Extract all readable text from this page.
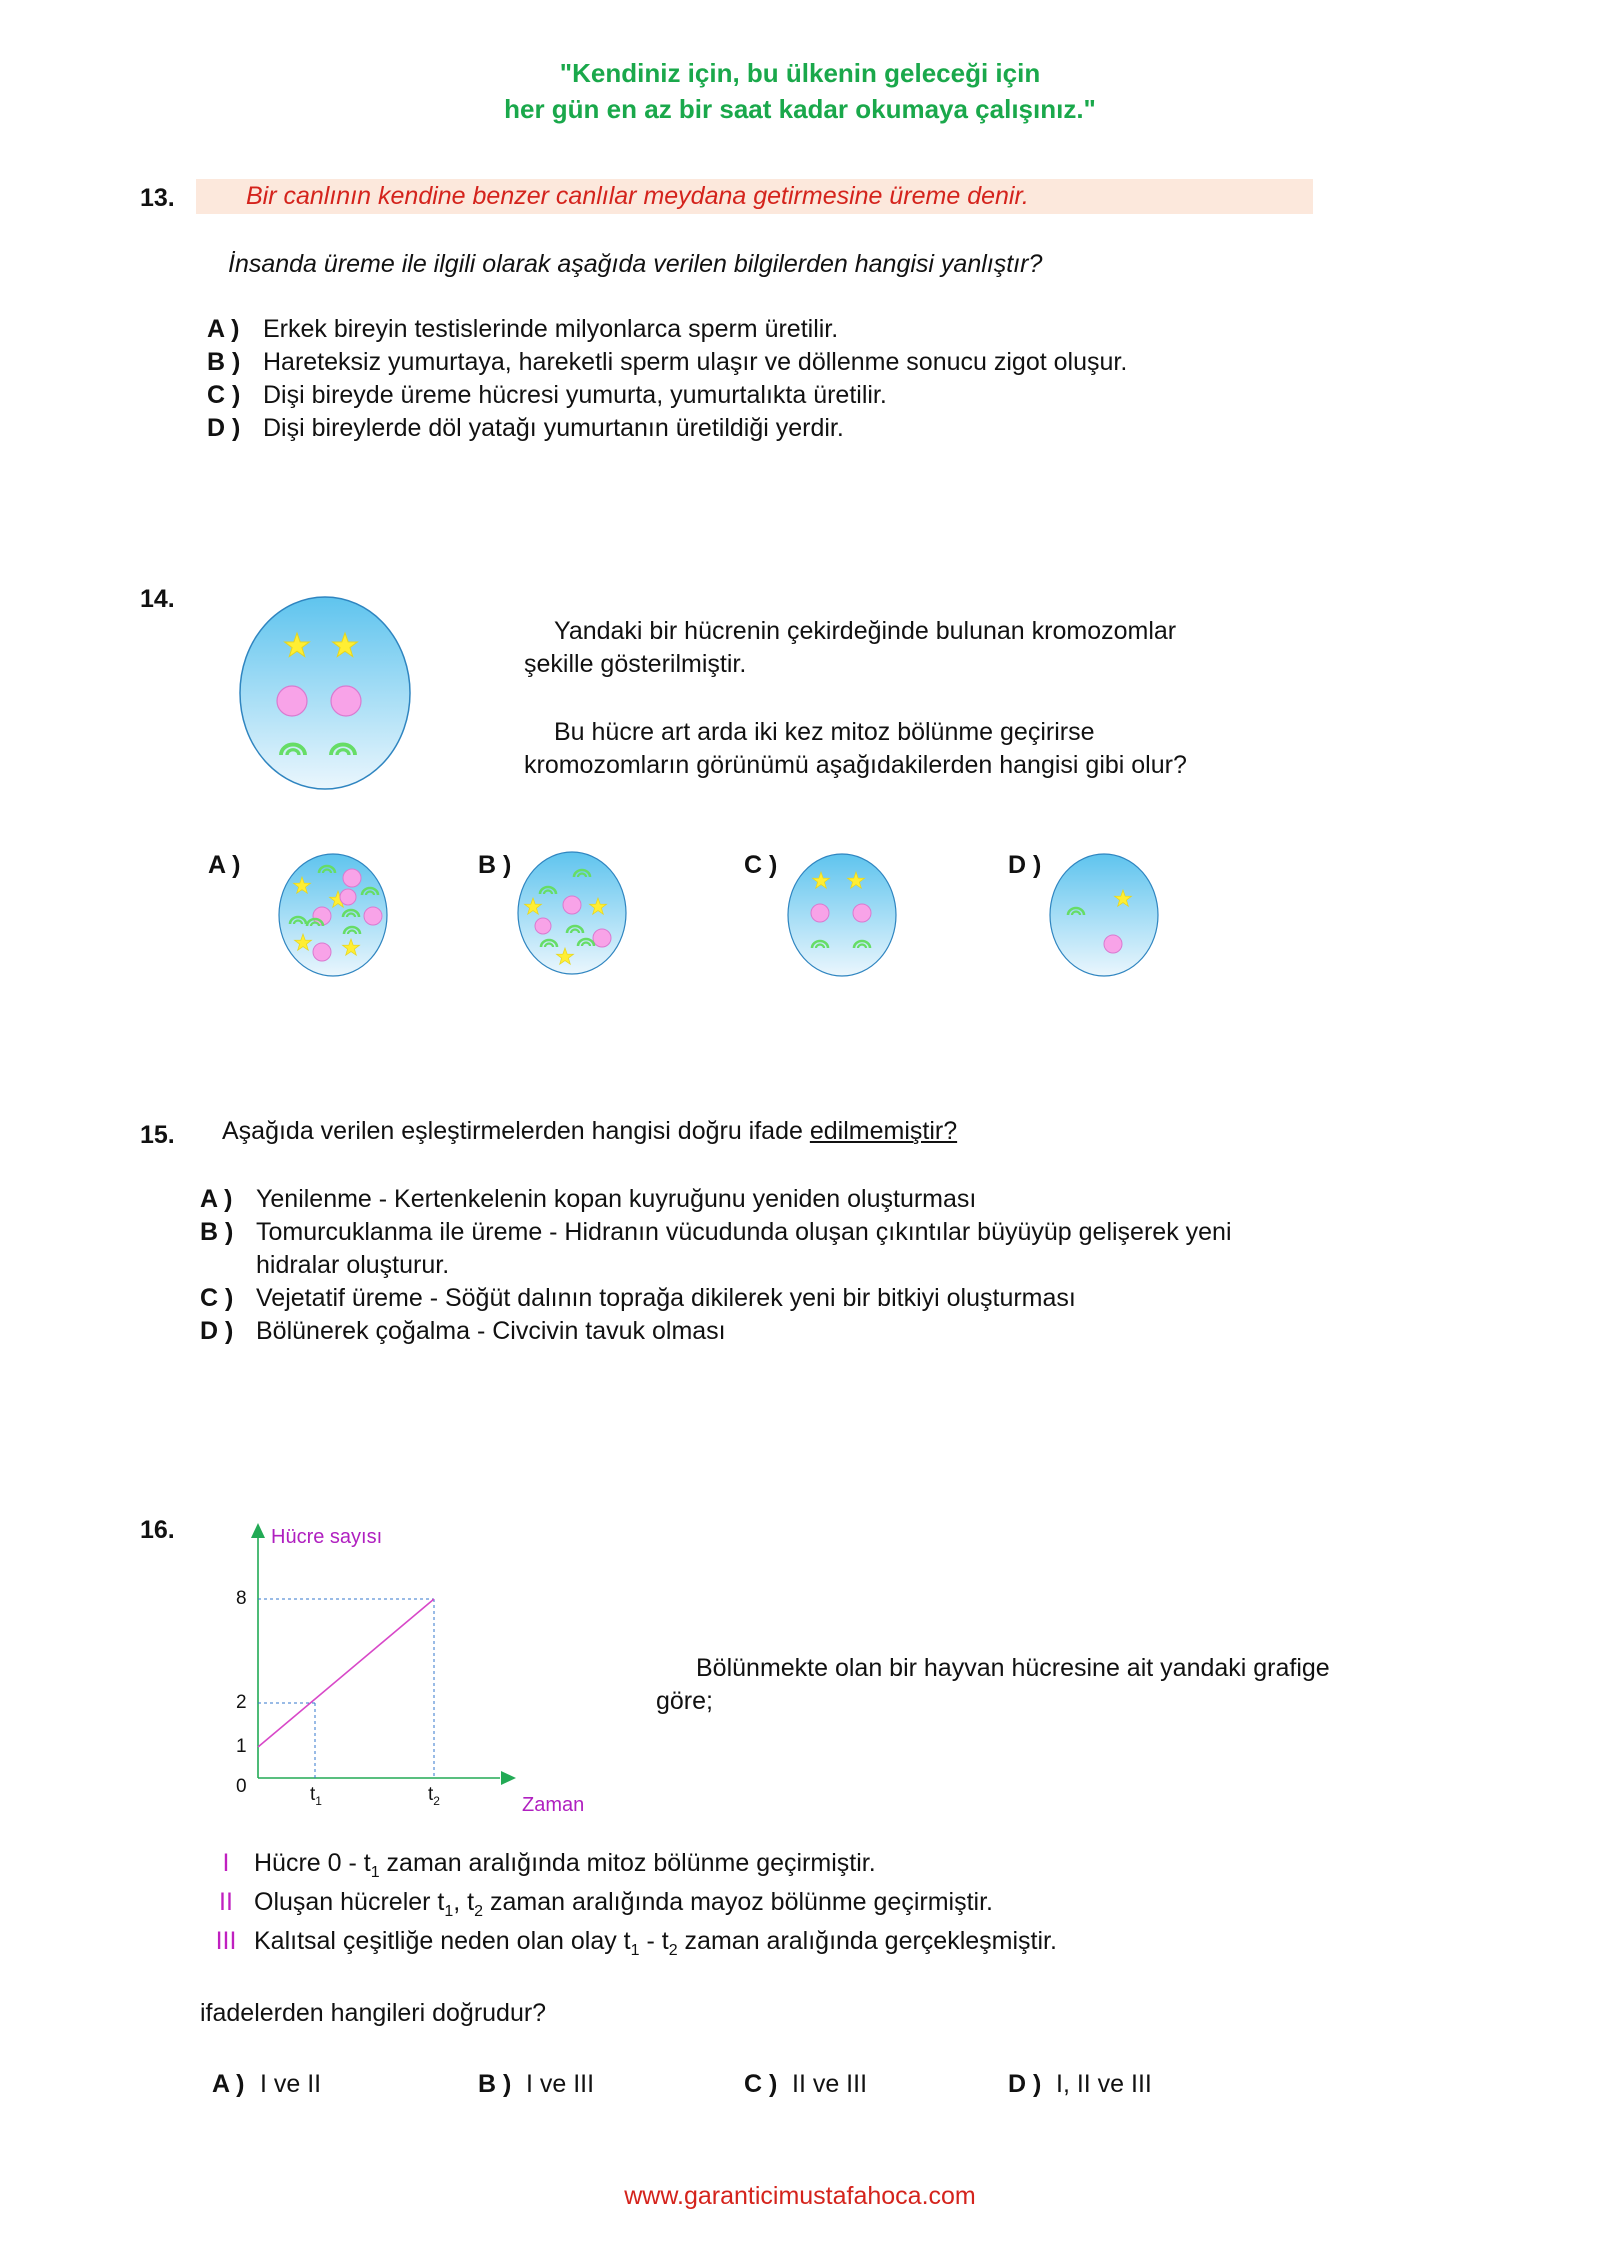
"Kendiniz için, bu ülkenin geleceği için
her gün en az bir saat kadar okumaya çalışınız."
13.	Bir canlının kendine benzer canlılar meydana getirmesine üreme denir.
İnsanda üreme ile ilgili olarak aşağıda verilen bilgilerden hangisi yanlıştır?
A ) Erkek bireyin testislerinde milyonlarca sperm üretilir.
B ) Hareteksiz yumurtaya, hareketli sperm ulaşır ve döllenme sonucu zigot oluşur.
C ) Dişi bireyde üreme hücresi yumurta, yumurtalıkta üretilir.
D ) Dişi bireylerde döl yatağı yumurtanın üretildiği yerdir.
14.
Yandaki bir hücrenin çekirdeğinde bulunan kromozomlar
şekille gösterilmiştir.
Bu hücre art arda iki kez mitoz bölünme geçirirse
kromozomların görünümü aşağıdakilerden hangisi gibi olur?
A )	B )	C )	D )
15. Aşağıda verilen eşleştirmelerden hangisi doğru ifade edilmemiştir?
A ) Yenilenme - Kertenkelenin kopan kuyruğunu yeniden oluşturması
B ) Tomurcuklanma ile üreme - Hidranın vücudunda oluşan çıkıntılar büyüyüp gelişerek yeni
hidralar oluşturur.
C ) Vejetatif üreme - Söğüt dalının toprağa dikilerek yeni bir bitkiyi oluşturması
D ) Bölünerek çoğalma - Civcivin tavuk olması
16.	Hücre sayısı
Zaman
8
2
1
0	$t_1$	$t_2$
Bölünmekte olan bir hayvan hücresine ait yandaki grafige
göre;
I Hücre $0 - t_1$ zaman aralığında mitoz bölünme geçirmiştir.
II Oluşan hücreler $t_1$, $t_2$ zaman aralığında mayoz bölünme geçirmiştir.
III Kalıtsal çeşitliğe neden olan olay $t_1 - t_2$ zaman aralığında gerçekleşmiştir.
ifadelerden hangileri doğrudur?
A ) I ve II	B ) I ve III	C ) II ve III	D ) I, II ve III
www.garanticimustafahoca.com
